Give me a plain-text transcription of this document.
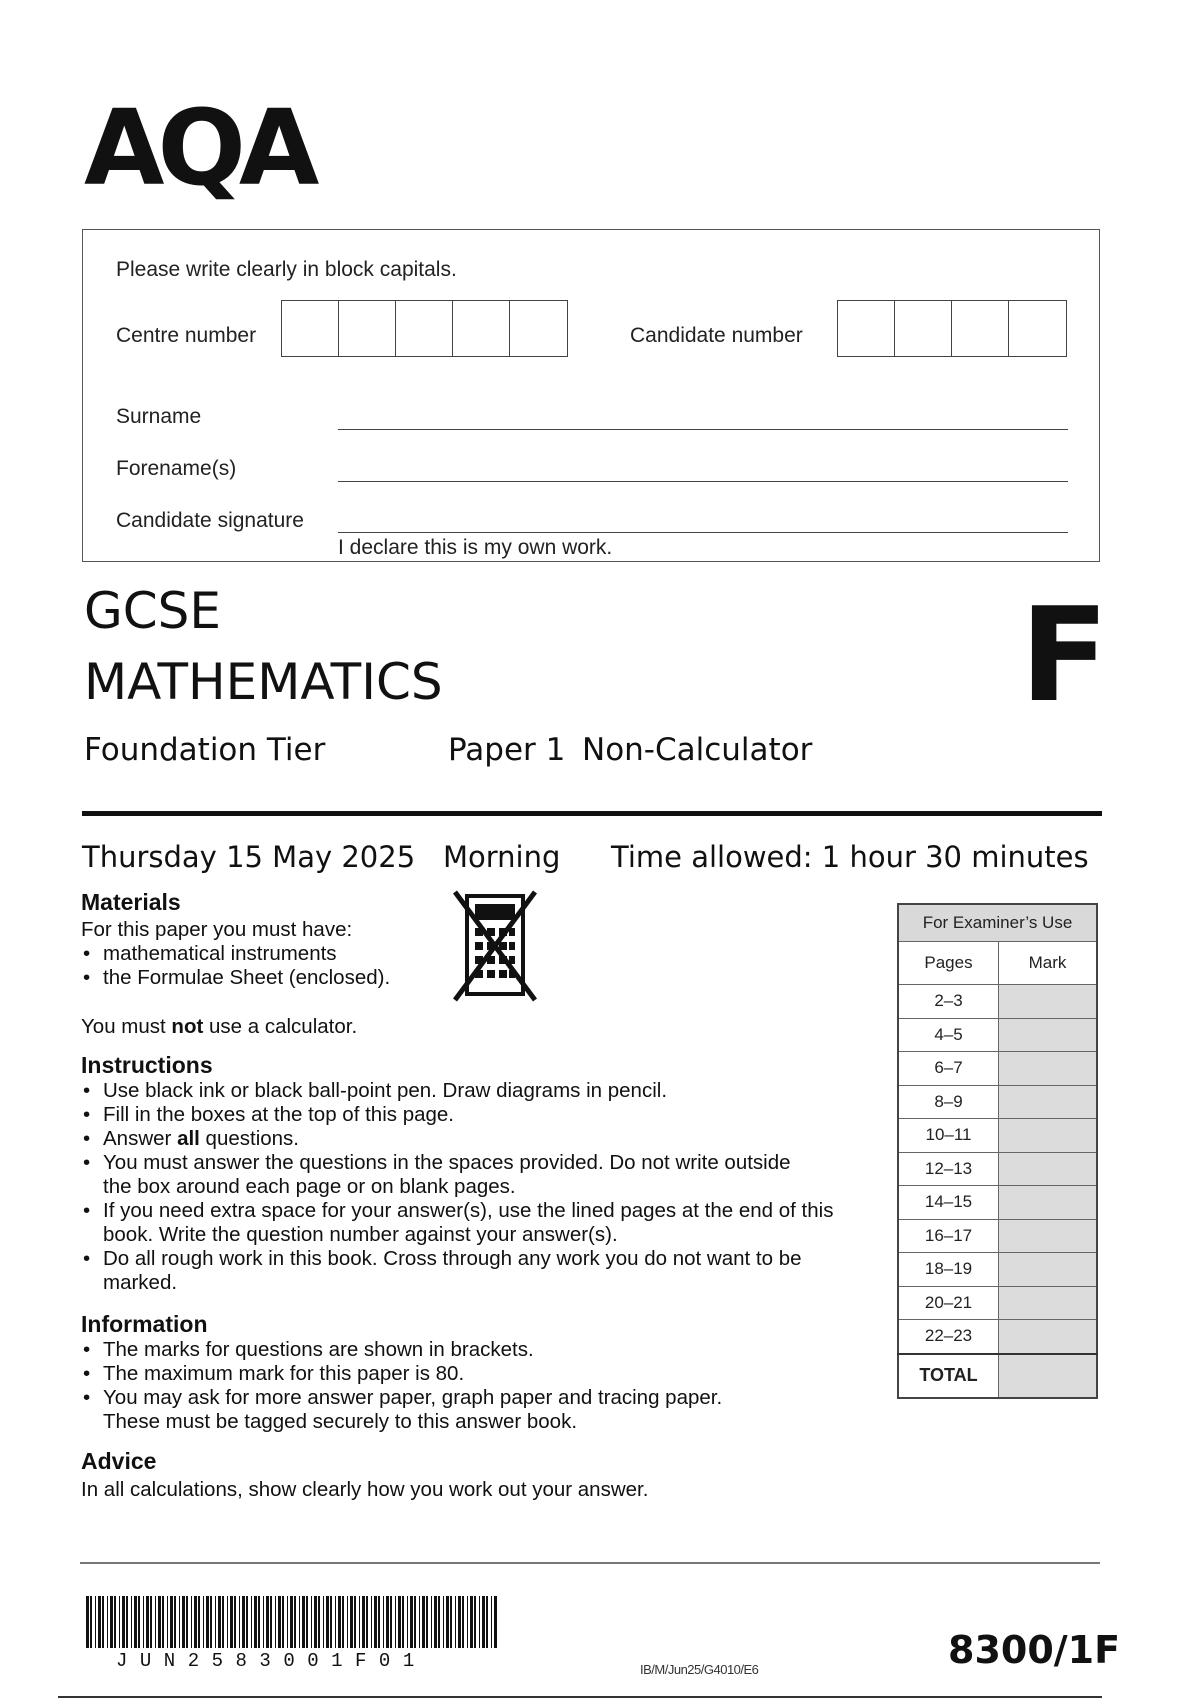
AQA
Please write clearly in block capitals.
Centre number	Candidate number
Surname
Forename(s)
Candidate signature
I declare this is my own work.
GCSE
MATHEMATICS	F
Foundation Tier	Paper 1 Non-Calculator
Thursday 15 May 2025 Morning Time allowed: 1 hour 30 minutes
Materials
For this paper you must have:
• mathematical instruments
• the Formulae Sheet (enclosed).
You must not use a calculator.
Instructions
• Use black ink or black ball-point pen. Draw diagrams in pencil.
• Fill in the boxes at the top of this page.
• Answer all questions.
• You must answer the questions in the spaces provided. Do not write outside the box around each page or on blank pages.
• If you need extra space for your answer(s), use the lined pages at the end of this book. Write the question number against your answer(s).
• Do all rough work in this book. Cross through any work you do not want to be marked.
Information
• The marks for questions are shown in brackets.
• The maximum mark for this paper is 80.
• You may ask for more answer paper, graph paper and tracing paper. These must be tagged securely to this answer book.
Advice
In all calculations, show clearly how you work out your answer.
For Examiner’s Use	
Pages	Mark
2–3	
4–5	
6–7	
8–9	
10–11	
12–13	
14–15	
16–17	
18–19	
20–21	
22–23	
TOTAL	
JUN2583001F01	IB/M/Jun25/G4010/E6	8300/1F
